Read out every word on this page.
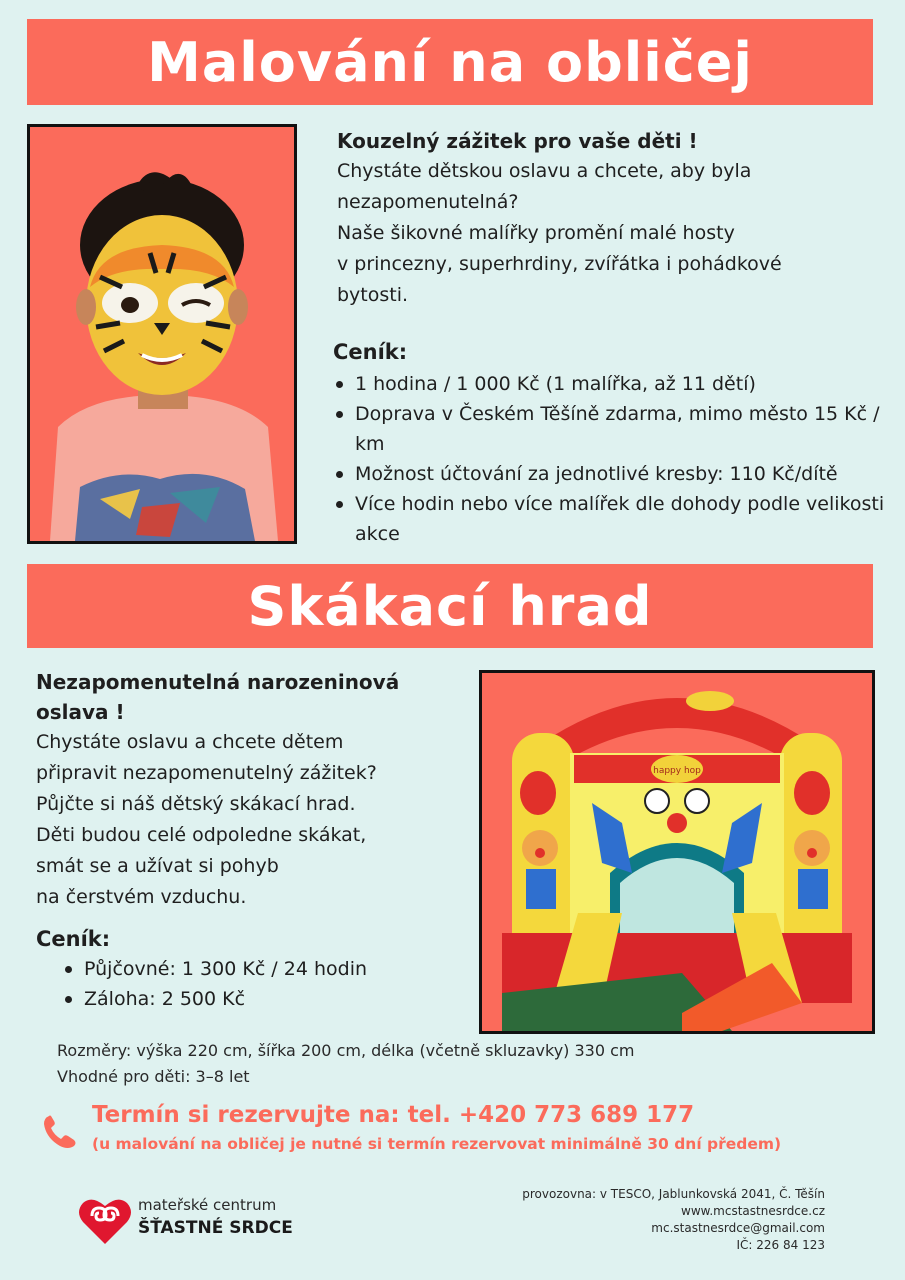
Malování na obličej
Kouzelný zážitek pro vaše děti !
Chystáte dětskou oslavu a chcete, aby byla
nezapomenutelná?
Naše šikovné malířky promění malé hosty
v princezny, superhrdiny, zvířátka i pohádkové
bytosti.
Ceník:
1 hodina / 1 000 Kč (1 malířka, až 11 dětí)
Doprava v Českém Těšíně zdarma, mimo město 15 Kč / km
Možnost účtování za jednotlivé kresby: 110 Kč/dítě
Více hodin nebo více malířek dle dohody podle velikosti akce
Skákací hrad
Nezapomenutelná narozeninová oslava !
Chystáte oslavu a chcete dětem
připravit nezapomenutelný zážitek?
Půjčte si náš dětský skákací hrad.
Děti budou celé odpoledne skákat,
smát se a užívat si pohyb
na čerstvém vzduchu.
Ceník:
Půjčovné: 1 300 Kč / 24 hodin
Záloha: 2 500 Kč
happy hop
Rozměry: výška 220 cm, šířka 200 cm, délka (včetně skluzavky) 330 cm
Vhodné pro děti: 3–8 let
Termín si rezervujte na: tel. +420 773 689 177
(u malování na obličej je nutné si termín rezervovat minimálně 30 dní předem)
mateřské centrum
ŠŤASTNÉ SRDCE
provozovna: v TESCO, Jablunkovská 2041, Č. Těšín
www.mcstastnesrdce.cz
mc.stastnesrdce@gmail.com
IČ: 226 84 123
